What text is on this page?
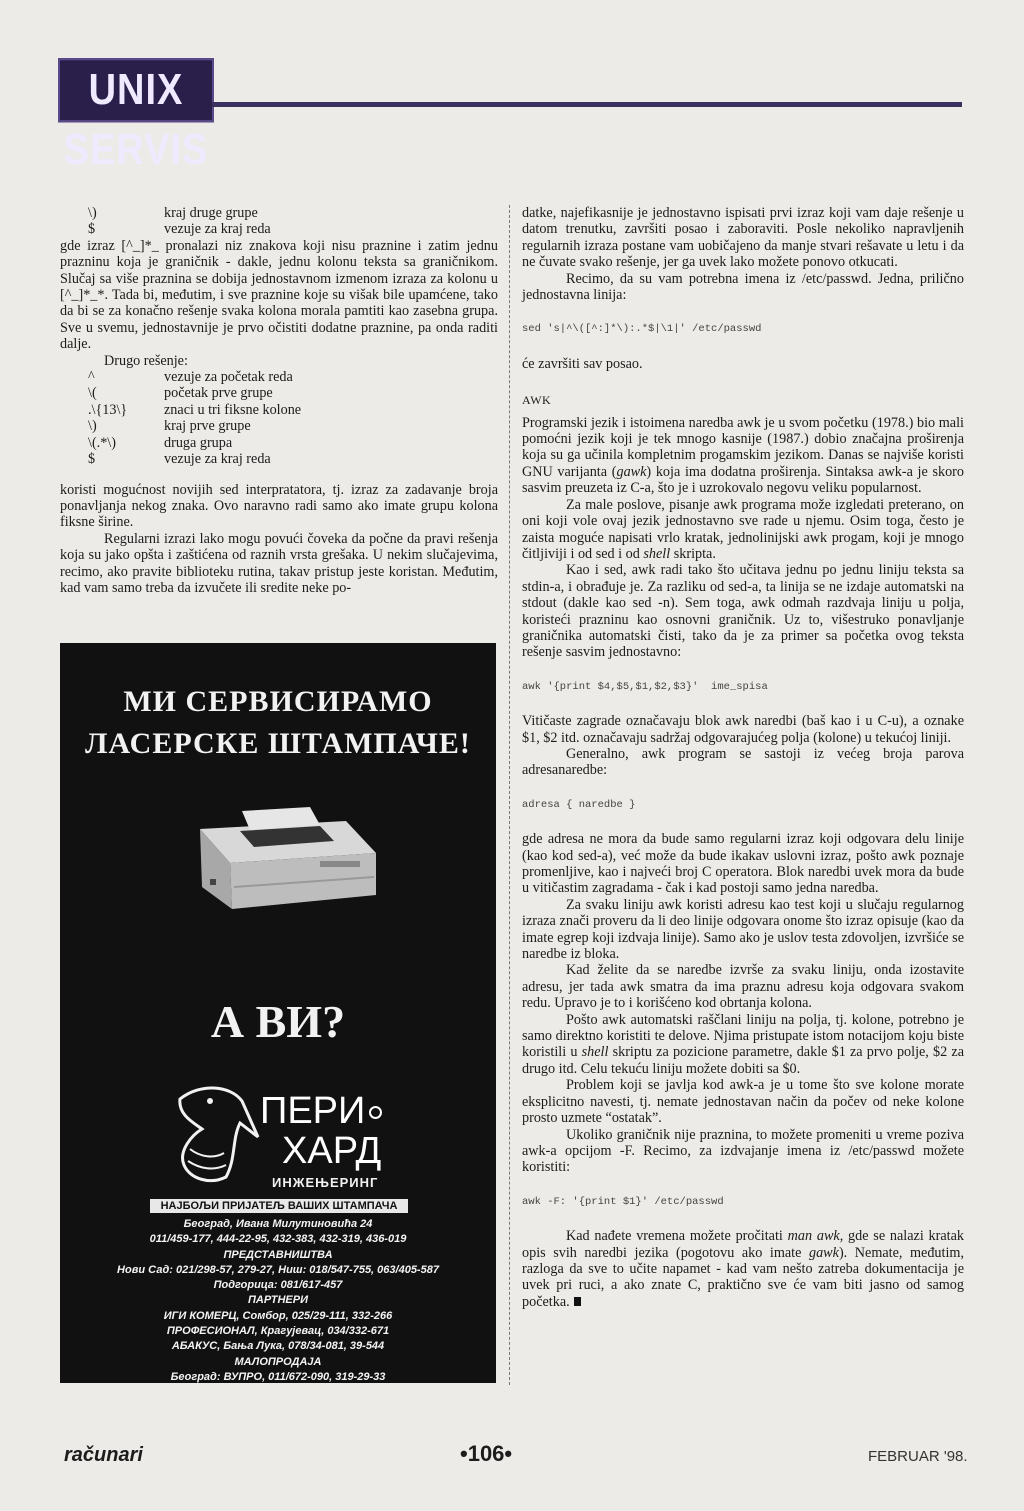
UNIX SERVIS
\)	kraj druge grupe
$	vezuje za kraj reda

gde izraz [^_]*_ pronalazi niz znakova koji nisu praznine i zatim jednu prazninu koja je graničnik - dakle, jednu kolonu teksta sa graničnikom. Slučaj sa više praznina se dobija jednostavnom izmenom izraza za kolonu u [^_]*_*. Tada bi, međutim, i sve praznine koje su višak bile upamćene, tako da bi se za konačno rešenje svaka kolona morala pamtiti kao zasebna grupa. Sve u svemu, jednostavnije je prvo očistiti dodatne praznine, pa onda raditi dalje.

Drugo rešenje:

^	vezuje za početak reda
\(	početak prve grupe
.\{13\}	znaci u tri fiksne kolone
\)	kraj prve grupe
\(.*\)	druga grupa
$	vezuje za kraj reda

koristi mogućnost novijih sed interpratatora, tj. izraz za zadavanje broja ponavljanja nekog znaka. Ovo naravno radi samo ako imate grupu kolona fiksne širine.

Regularni izrazi lako mogu povući čoveka da počne da pravi rešenja koja su jako opšta i zaštićena od raznih vrsta grešaka. U nekim slučajevima, recimo, ako pravite biblioteku rutina, takav pristup jeste koristan. Međutim, kad vam samo treba da izvučete ili sredite neke po-

МИ СЕРВИСИРАМО
ЛАСЕРСКЕ ШТАМПАЧЕ!
А ВИ?
ПЕРИ
ХАРД
ИНЖЕЊЕРИНГ
НАЈБОЉИ ПРИЈАТЕЉ ВАШИХ ШТАМПАЧА
Београд, Ивана Милутиновића 24
011/459-177, 444-22-95, 432-383, 432-319, 436-019
ПРЕДСТАВНИШТВА
Нови Сад: 021/298-57, 279-27, Ниш: 018/547-755, 063/405-587
Подгорица: 081/617-457
ПАРТНЕРИ
ИГИ КОМЕРЦ, Сомбор, 025/29-111, 332-266
ПРОФЕСИОНАЛ, Крагујевац, 034/332-671
АБАКУС, Бања Лука, 078/34-081, 39-544
МАЛОПРОДАЈА
Београд: ВУПРО, 011/672-090, 319-29-33

datke, najefikasnije je jednostavno ispisati prvi izraz koji vam daje rešenje u datom trenutku, završiti posao i zaboraviti. Posle nekoliko napravljenih regularnih izraza postane vam uobičajeno da manje stvari rešavate u letu i da ne čuvate svako rešenje, jer ga uvek lako možete ponovo otkucati.

Recimo, da su vam potrebna imena iz /etc/passwd. Jedna, prilično jednostavna linija:

sed 's|^\([^:]*\):.*$|\1|' /etc/passwd

će završiti sav posao.

AWK

Programski jezik i istoimena naredba awk je u svom početku (1978.) bio mali pomoćni jezik koji je tek mnogo kasnije (1987.) dobio značajna proširenja koja su ga učinila kompletnim progamskim jezikom. Danas se najviše koristi GNU varijanta (gawk) koja ima dodatna proširenja. Sintaksa awk-a je skoro sasvim preuzeta iz C-a, što je i uzrokovalo negovu veliku popularnost.

Za male poslove, pisanje awk programa može izgledati preterano, on oni koji vole ovaj jezik jednostavno sve rade u njemu. Osim toga, često je zaista moguće napisati vrlo kratak, jednolinijski awk progam, koji je mnogo čitljiviji i od sed i od shell skripta.

Kao i sed, awk radi tako što učitava jednu po jednu liniju teksta sa stdin-a, i obrađuje je. Za razliku od sed-a, ta linija se ne izdaje automatski na stdout (dakle kao sed -n). Sem toga, awk odmah razdvaja liniju u polja, koristeći prazninu kao osnovni graničnik. Uz to, višestruko ponavljanje graničnika automatski čisti, tako da je za primer sa početka ovog teksta rešenje sasvim jednostavno:

awk '{print $4,$5,$1,$2,$3}'  ime_spisa

Vitičaste zagrade označavaju blok awk naredbi (baš kao i u C-u), a oznake $1, $2 itd. označavaju sadržaj odgovarajućeg polja (kolone) u tekućoj liniji.

Generalno, awk program se sastoji iz većeg broja parova adresanaredbe:

adresa { naredbe }

gde adresa ne mora da bude samo regularni izraz koji odgovara delu linije (kao kod sed-a), već može da bude ikakav uslovni izraz, pošto awk poznaje promenljive, kao i najveći broj C operatora. Blok naredbi uvek mora da bude u vitičastim zagradama - čak i kad postoji samo jedna naredba.

Za svaku liniju awk koristi adresu kao test koji u slučaju regularnog izraza znači proveru da li deo linije odgovara onome što izraz opisuje (kao da imate egrep koji izdvaja linije). Samo ako je uslov testa zdovoljen, izvršiće se naredbe iz bloka.

Kad želite da se naredbe izvrše za svaku liniju, onda izostavite adresu, jer tada awk smatra da ima praznu adresu koja odgovara svakom redu. Upravo je to i korišćeno kod obrtanja kolona.

Pošto awk automatski raščlani liniju na polja, tj. kolone, potrebno je samo direktno koristiti te delove. Njima pristupate istom notacijom koju biste koristili u shell skriptu za pozicione parametre, dakle $1 za prvo polje, $2 za drugo itd. Celu tekuću liniju možete dobiti sa $0.

Problem koji se javlja kod awk-a je u tome što sve kolone morate eksplicitno navesti, tj. nemate jednostavan način da počev od neke kolone prosto uzmete “ostatak”.

Ukoliko graničnik nije praznina, to možete promeniti u vreme poziva awk-a opcijom -F. Recimo, za izdvajanje imena iz /etc/passwd možete koristiti:

awk -F: '{print $1}' /etc/passwd

Kad nađete vremena možete pročitati man awk, gde se nalazi kratak opis svih naredbi jezika (pogotovu ako imate gawk). Nemate, međutim, razloga da sve to učite napamet - kad vam nešto zatreba dokumentacija je uvek pri ruci, a ako znate C, praktično sve će vam biti jasno od samog početka.

računari	•106•	FEBRUAR '98.
